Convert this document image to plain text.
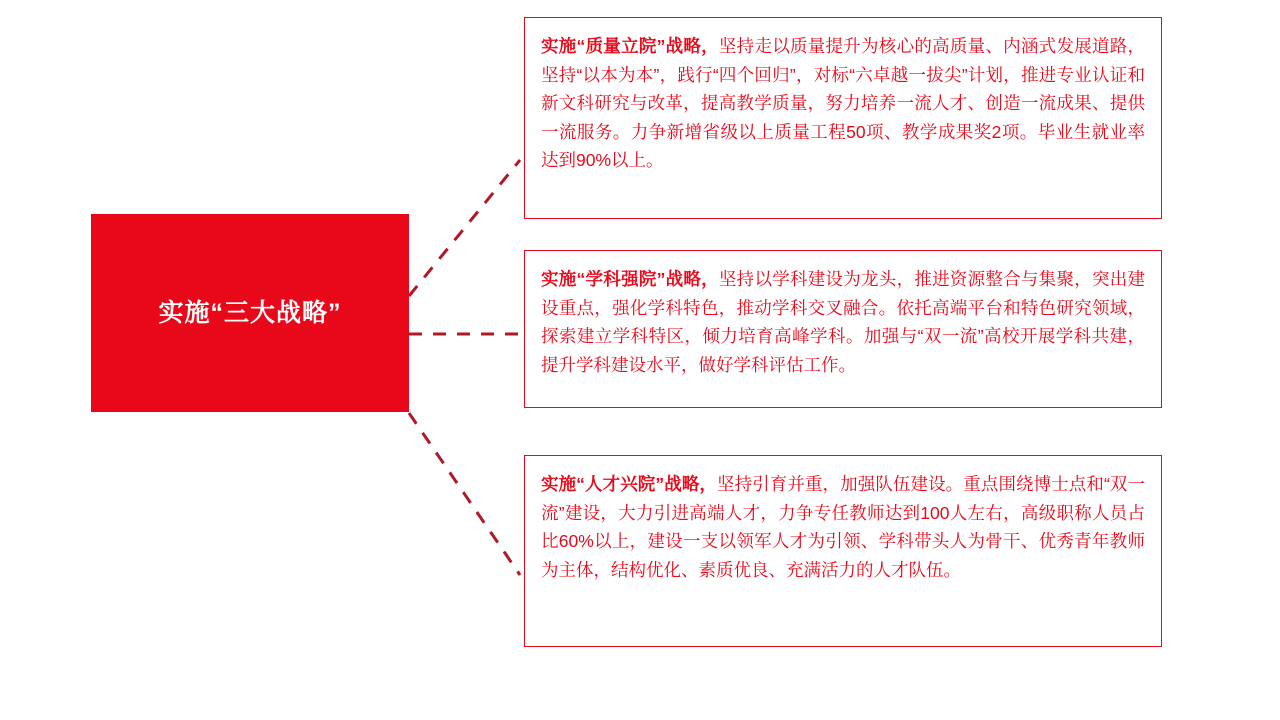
实施“三大战略”

实施“质量立院”战略，坚持走以质量提升为核心的高质量、内涵式发展道路，坚持“以本为本”，践行“四个回归”，对标“六卓越一拔尖”计划，推进专业认证和新文科研究与改革，提高教学质量，努力培养一流人才、创造一流成果、提供一流服务。力争新增省级以上质量工程50项、教学成果奖2项。毕业生就业率达到90%以上。

实施“学科强院”战略，坚持以学科建设为龙头，推进资源整合与集聚，突出建设重点，强化学科特色，推动学科交叉融合。依托高端平台和特色研究领域，探索建立学科特区，倾力培育高峰学科。加强与“双一流”高校开展学科共建，提升学科建设水平，做好学科评估工作。

实施“人才兴院”战略，坚持引育并重，加强队伍建设。重点围绕博士点和“双一流”建设，大力引进高端人才，力争专任教师达到100人左右，高级职称人员占比60%以上，建设一支以领军人才为引领、学科带头人为骨干、优秀青年教师为主体，结构优化、素质优良、充满活力的人才队伍。
